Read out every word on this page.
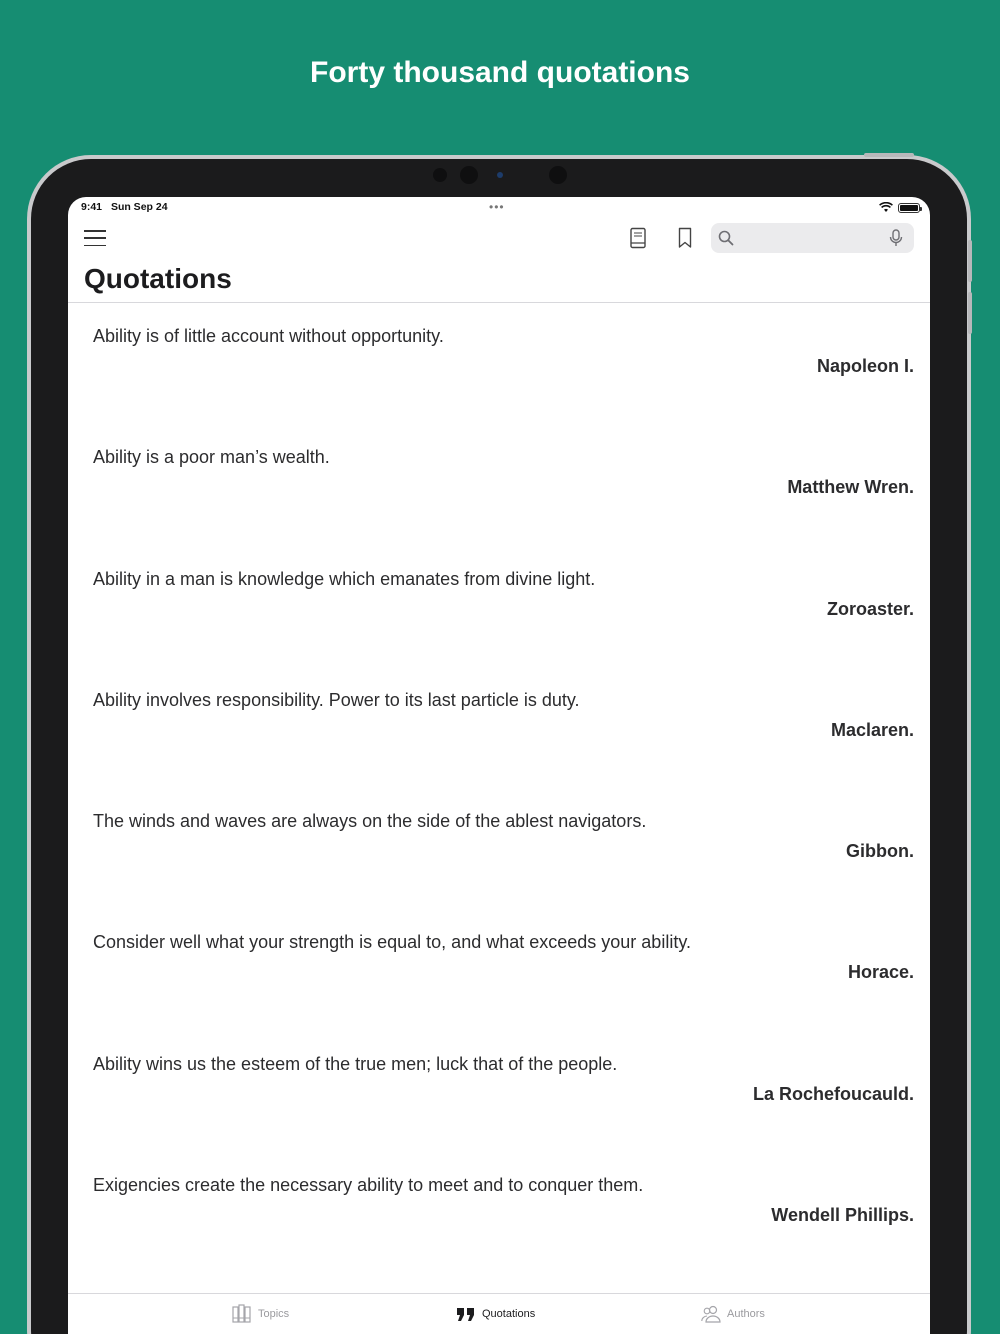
Forty thousand quotations
9:41 Sun Sep 24	•••
Quotations
Ability is of little account without opportunity.
Napoleon I.
Ability is a poor man’s wealth.
Matthew Wren.
Ability in a man is knowledge which emanates from divine light.
Zoroaster.
Ability involves responsibility. Power to its last particle is duty.
Maclaren.
The winds and waves are always on the side of the ablest navigators.
Gibbon.
Consider well what your strength is equal to, and what exceeds your ability.
Horace.
Ability wins us the esteem of the true men; luck that of the people.
La Rochefoucauld.
Exigencies create the necessary ability to meet and to conquer them.
Wendell Phillips.
Topics	Quotations	Authors
